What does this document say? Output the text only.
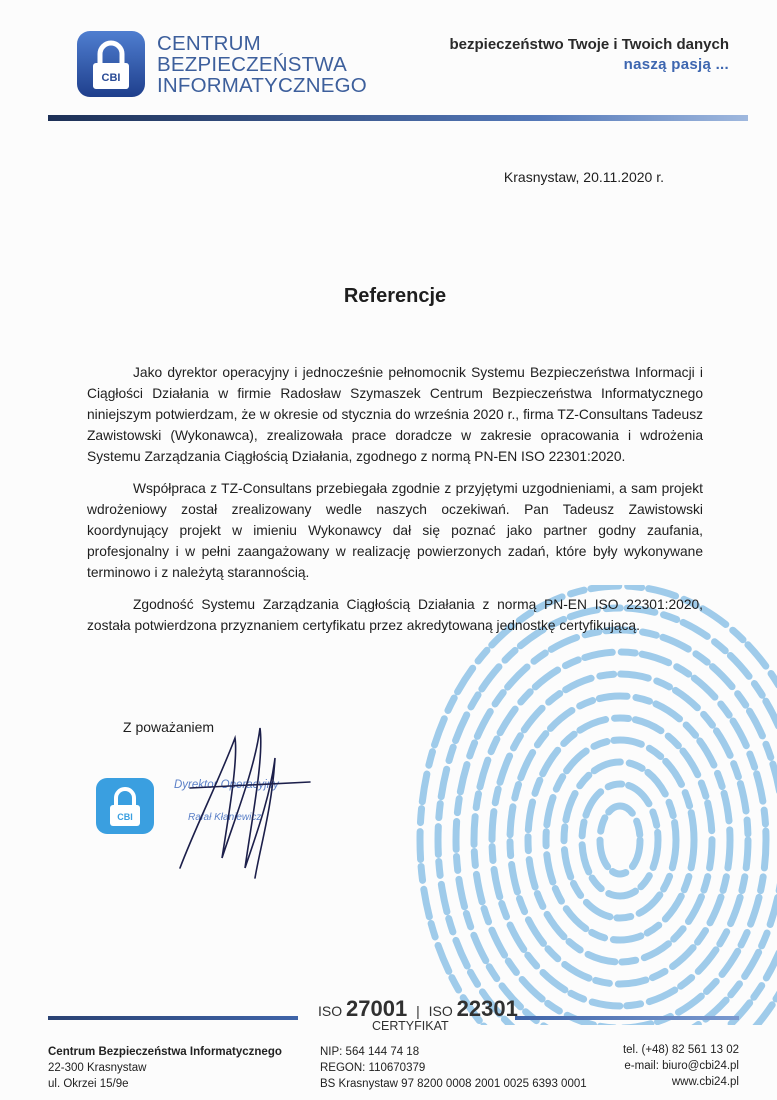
CBI
CENTRUM
BEZPIECZEŃSTWA
INFORMATYCZNEGO
bezpieczeństwo Twoje i Twoich danych
naszą pasją ...
Krasnystaw, 20.11.2020 r.
Referencje

Jako dyrektor operacyjny i jednocześnie pełnomocnik Systemu Bezpieczeństwa Informacji i Ciągłości Działania w firmie Radosław Szymaszek Centrum Bezpieczeństwa Informatycznego niniejszym potwierdzam, że w okresie od stycznia do września 2020 r., firma TZ-Consultans Tadeusz Zawistowski (Wykonawca), zrealizowała prace doradcze w zakresie opracowania i wdrożenia Systemu Zarządzania Ciągłością Działania, zgodnego z normą PN-EN ISO 22301:2020.

Współpraca z TZ-Consultans przebiegała zgodnie z przyjętymi uzgodnieniami, a sam projekt wdrożeniowy został zrealizowany wedle naszych oczekiwań. Pan Tadeusz Zawistowski koordynujący projekt w imieniu Wykonawcy dał się poznać jako partner godny zaufania, profesjonalny i w pełni zaangażowany w realizację powierzonych zadań, które były wykonywane terminowo i z należytą starannością.

Zgodność Systemu Zarządzania Ciągłością Działania z normą PN-EN ISO 22301:2020, została potwierdzona przyznaniem certyfikatu przez akredytowaną jednostkę certyfikującą.

Z poważaniem
CBI
Dyrektor Operacyjny
Rafał Kłaniewicz
ISO 27001 | ISO 22301
CERTYFIKAT
Centrum Bezpieczeństwa Informatycznego
22-300 Krasnystaw
ul. Okrzei 15/9e
NIP: 564 144 74 18
REGON: 110670379
BS Krasnystaw 97 8200 0008 2001 0025 6393 0001
tel. (+48) 82 561 13 02
e-mail: biuro@cbi24.pl
www.cbi24.pl
